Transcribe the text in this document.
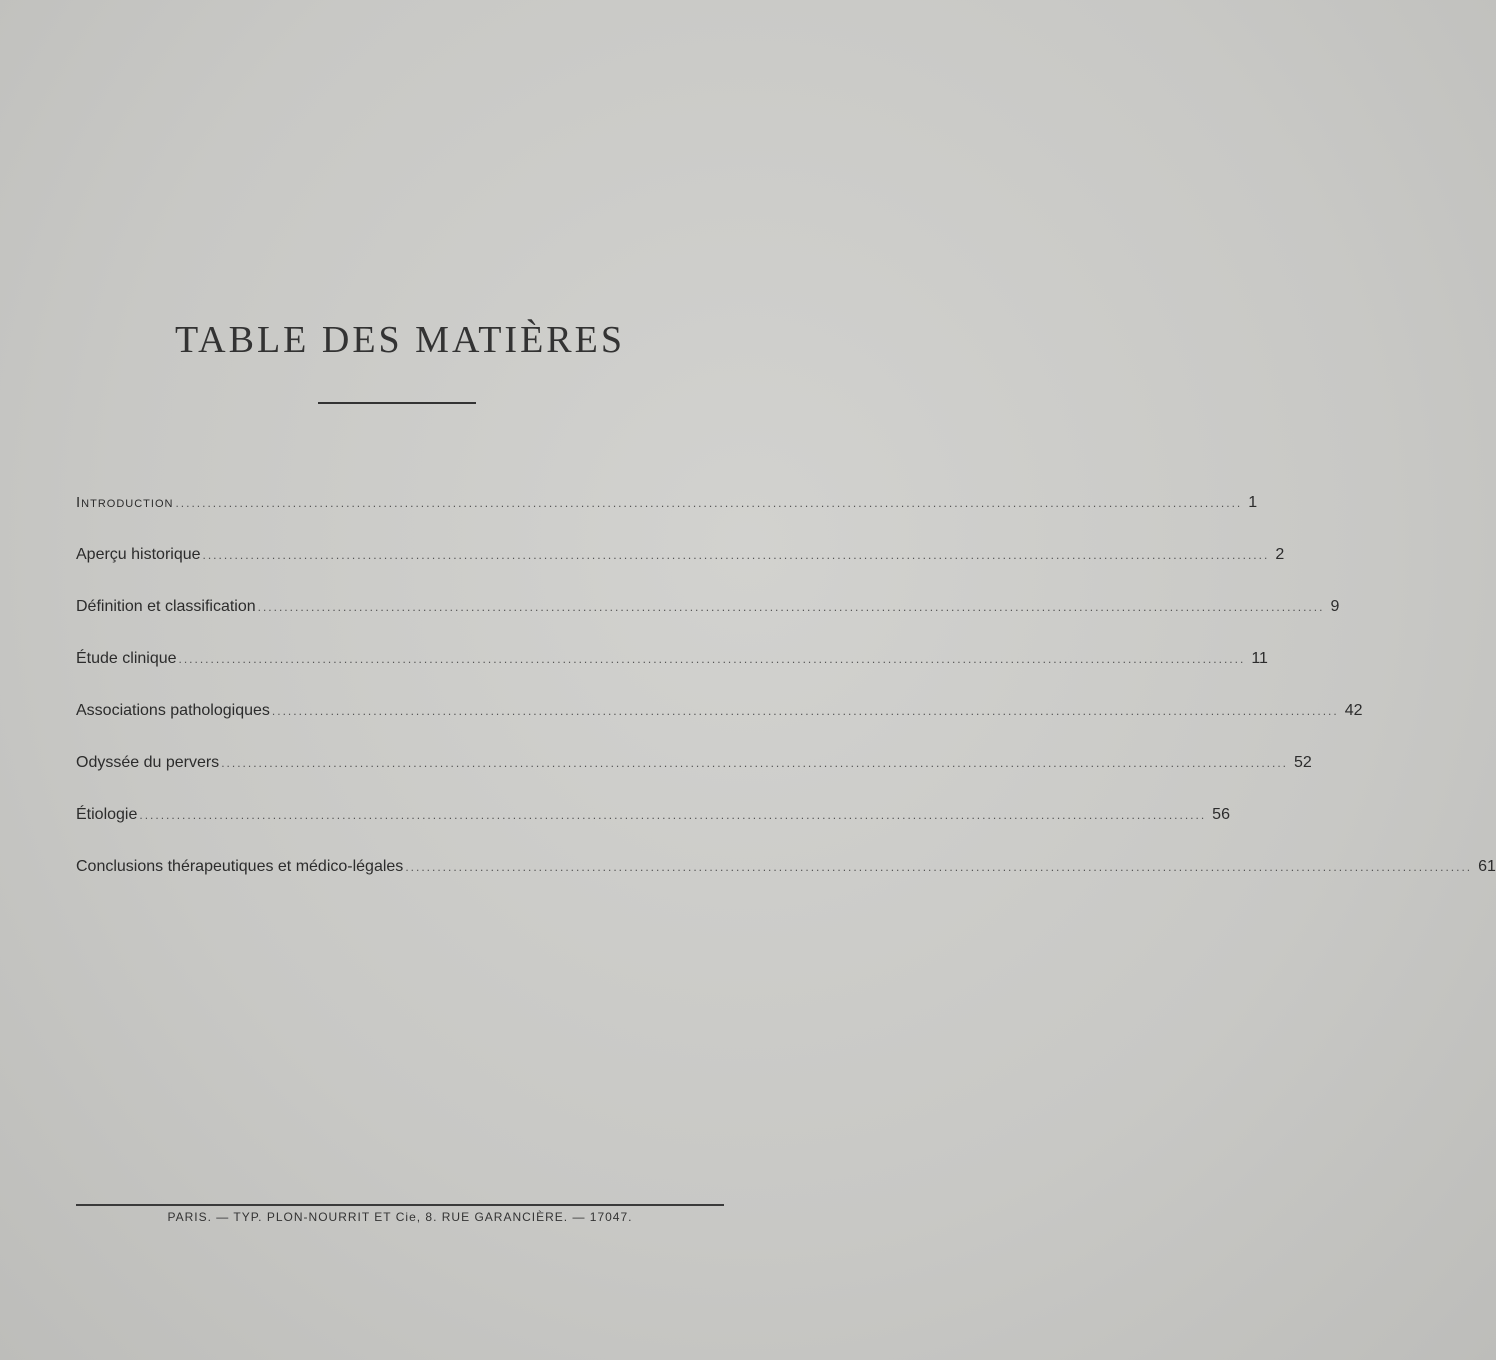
TABLE DES MATIÈRES
Introduction ........................................................................................................................................................................................................ 1
Aperçu historique ........................................................................................................................................................................................................ 2
Définition et classification ........................................................................................................................................................................................................ 9
Étude clinique ........................................................................................................................................................................................................ 11
Associations pathologiques ........................................................................................................................................................................................................ 42
Odyssée du pervers ........................................................................................................................................................................................................ 52
Étiologie ........................................................................................................................................................................................................ 56
Conclusions thérapeutiques et médico-légales ........................................................................................................................................................................................................ 61
PARIS. — TYP. PLON-NOURRIT ET Cie, 8. RUE GARANCIÈRE. — 17047.
